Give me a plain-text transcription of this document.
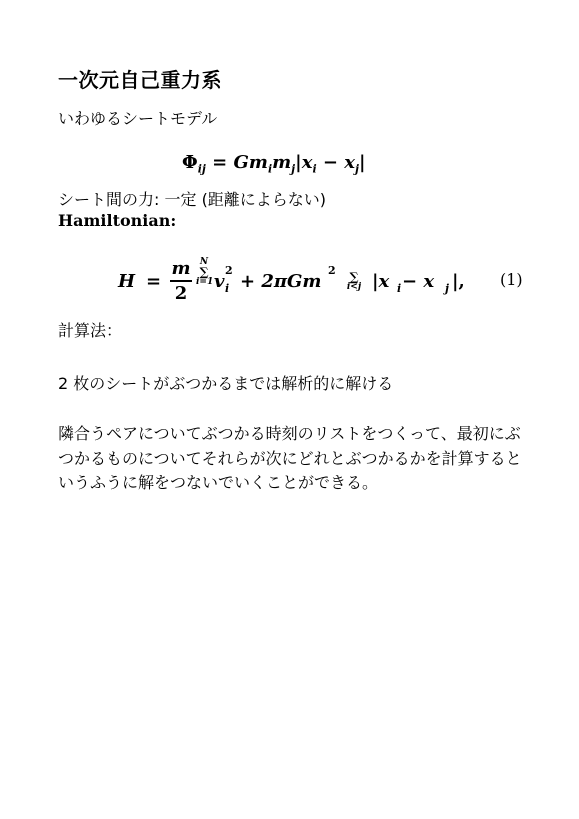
一次元自己重力系
いわゆるシートモデル
$\Phi_{ij} = Gm_im_j|x_i - x_j|$
シート間の力: 一定 (距離によらない)
Hamiltonian:
H =
m
2
N
∑
i=1 v i
2
+ 2πGm
2	∑
i<j |x i − x j |, (1)
計算法：
2 枚のシートがぶつかるまでは解析的に解ける
隣合うペアについてぶつかる時刻のリストをつくって、最初にぶつかるものについてそれらが次にどれとぶつかるかを計算するというふうに解をつないでいくことができる。
